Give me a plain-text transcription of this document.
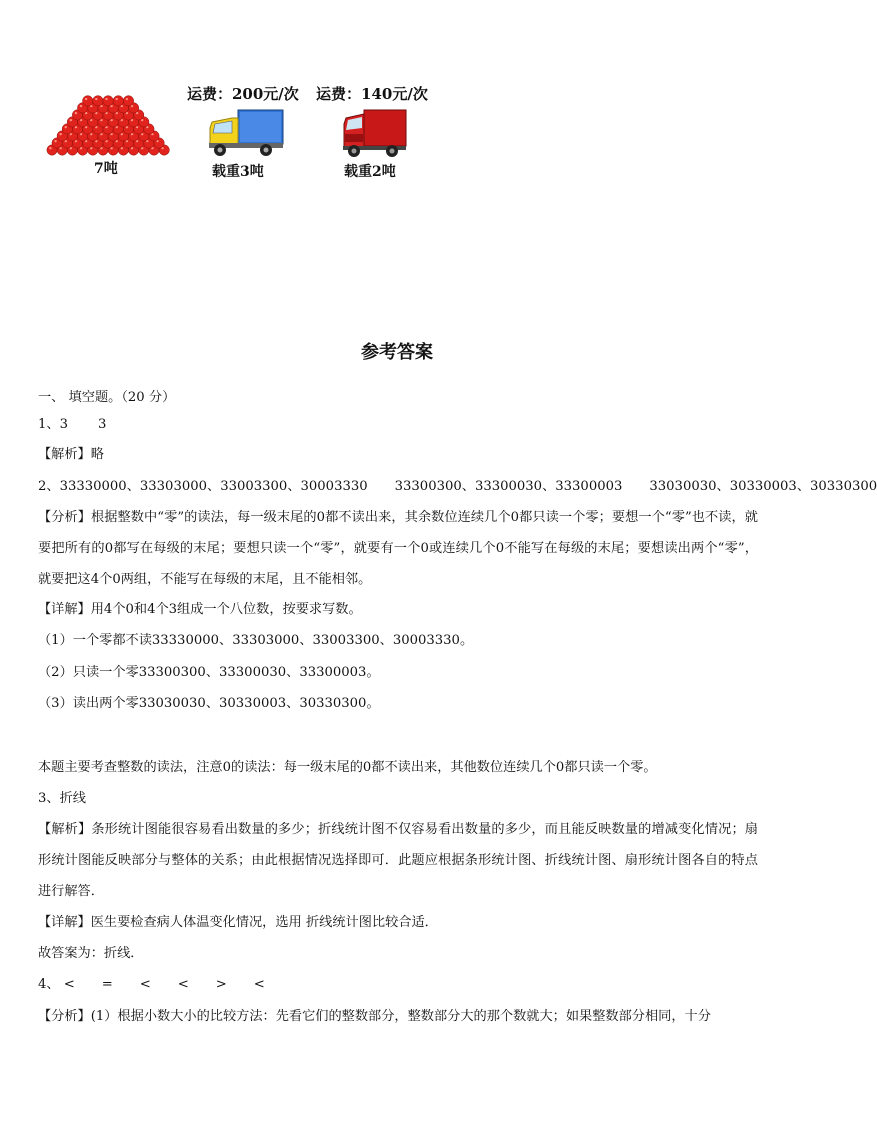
运费：200元/次 运费：140元/次
7吨	载重3吨	载重2吨
参考答案
一、 填空题。（20 分）
1、3 3
【解析】略
2、33330000、33303000、33003300、30003330 33300300、33300030、33300003 33030030、30330003、30330300

【分析】根据整数中“零”的读法，每一级末尾的0都不读出来，其余数位连续几个0都只读一个零；要想一个“零”也不读，就要把所有的0都写在每级的末尾；要想只读一个“零”，就要有一个0或连续几个0不能写在每级的末尾；要想读出两个“零”，就要把这4个0两组，不能写在每级的末尾，且不能相邻。

【详解】用4个0和4个3组成一个八位数，按要求写数。
（1）一个零都不读33330000、33303000、33003300、30003330。
（2）只读一个零33300300、33300030、33300003。
（3）读出两个零33030030、30330003、30330300。
本题主要考查整数的读法，注意0的读法：每一级末尾的0都不读出来，其他数位连续几个0都只读一个零。
3、折线

【解析】条形统计图能很容易看出数量的多少；折线统计图不仅容易看出数量的多少，而且能反映数量的增减变化情况；扇形统计图能反映部分与整体的关系；由此根据情况选择即可．此题应根据条形统计图、折线统计图、扇形统计图各自的特点进行解答．

【详解】医生要检查病人体温变化情况，选用 折线统计图比较合适．
故答案为：折线．
4、 < = < < > <
【分析】(1）根据小数大小的比较方法：先看它们的整数部分，整数部分大的那个数就大；如果整数部分相同，十分
